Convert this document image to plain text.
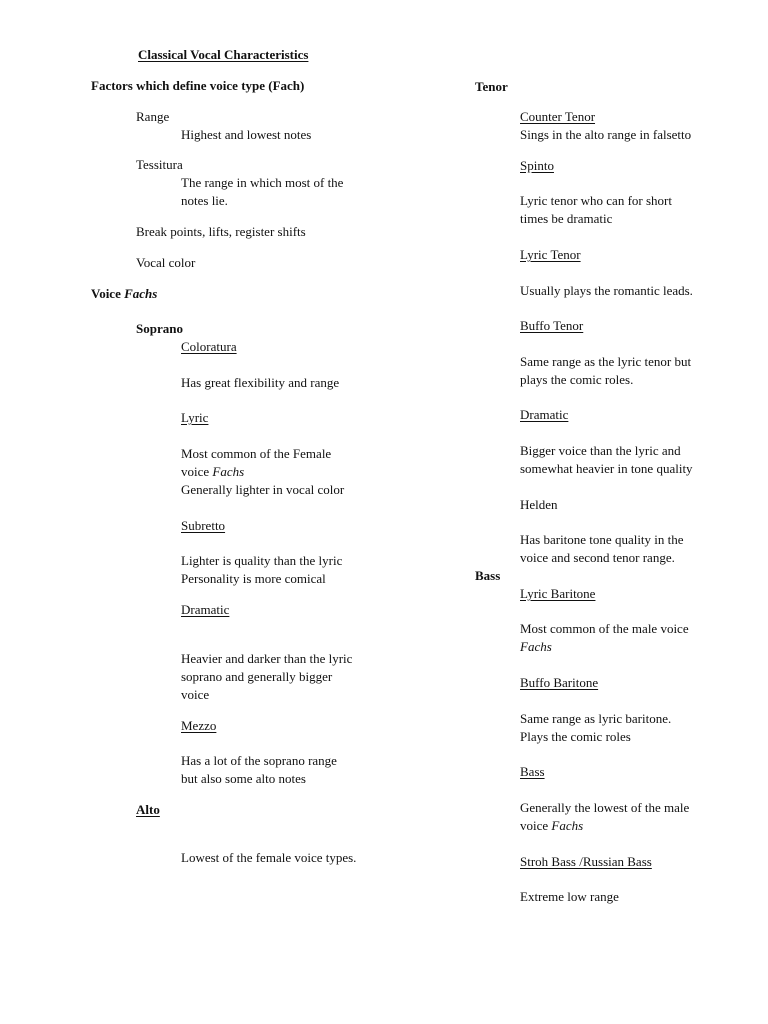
Classical Vocal Characteristics
Factors which define voice type (Fach)
Range
Highest and lowest notes
Tessitura
The range in which most of the
notes lie.
Break points, lifts, register shifts
Vocal color
Voice Fachs
Soprano
Coloratura
Has great flexibility and range
Lyric
Most common of the Female
voice Fachs
Generally lighter in vocal color
Subretto
Lighter is quality than the lyric
Personality is more comical
Dramatic
Heavier and darker than the lyric
soprano and generally bigger
voice
Mezzo
Has a lot of the soprano range
but also some alto notes
Alto
Lowest of the female voice types.
Tenor
Counter Tenor
Sings in the alto range in falsetto
Spinto
Lyric tenor who can for short
times be dramatic
Lyric Tenor
Usually plays the romantic leads.
Buffo Tenor
Same range as the lyric tenor but
plays the comic roles.
Dramatic
Bigger voice than the lyric and
somewhat heavier in tone quality
Helden
Has baritone tone quality in the
voice and second tenor range.
Bass
Lyric Baritone
Most common of the male voice
Fachs
Buffo Baritone
Same range as lyric baritone.
Plays the comic roles
Bass
Generally the lowest of the male
voice Fachs
Stroh Bass /Russian Bass
Extreme low range
